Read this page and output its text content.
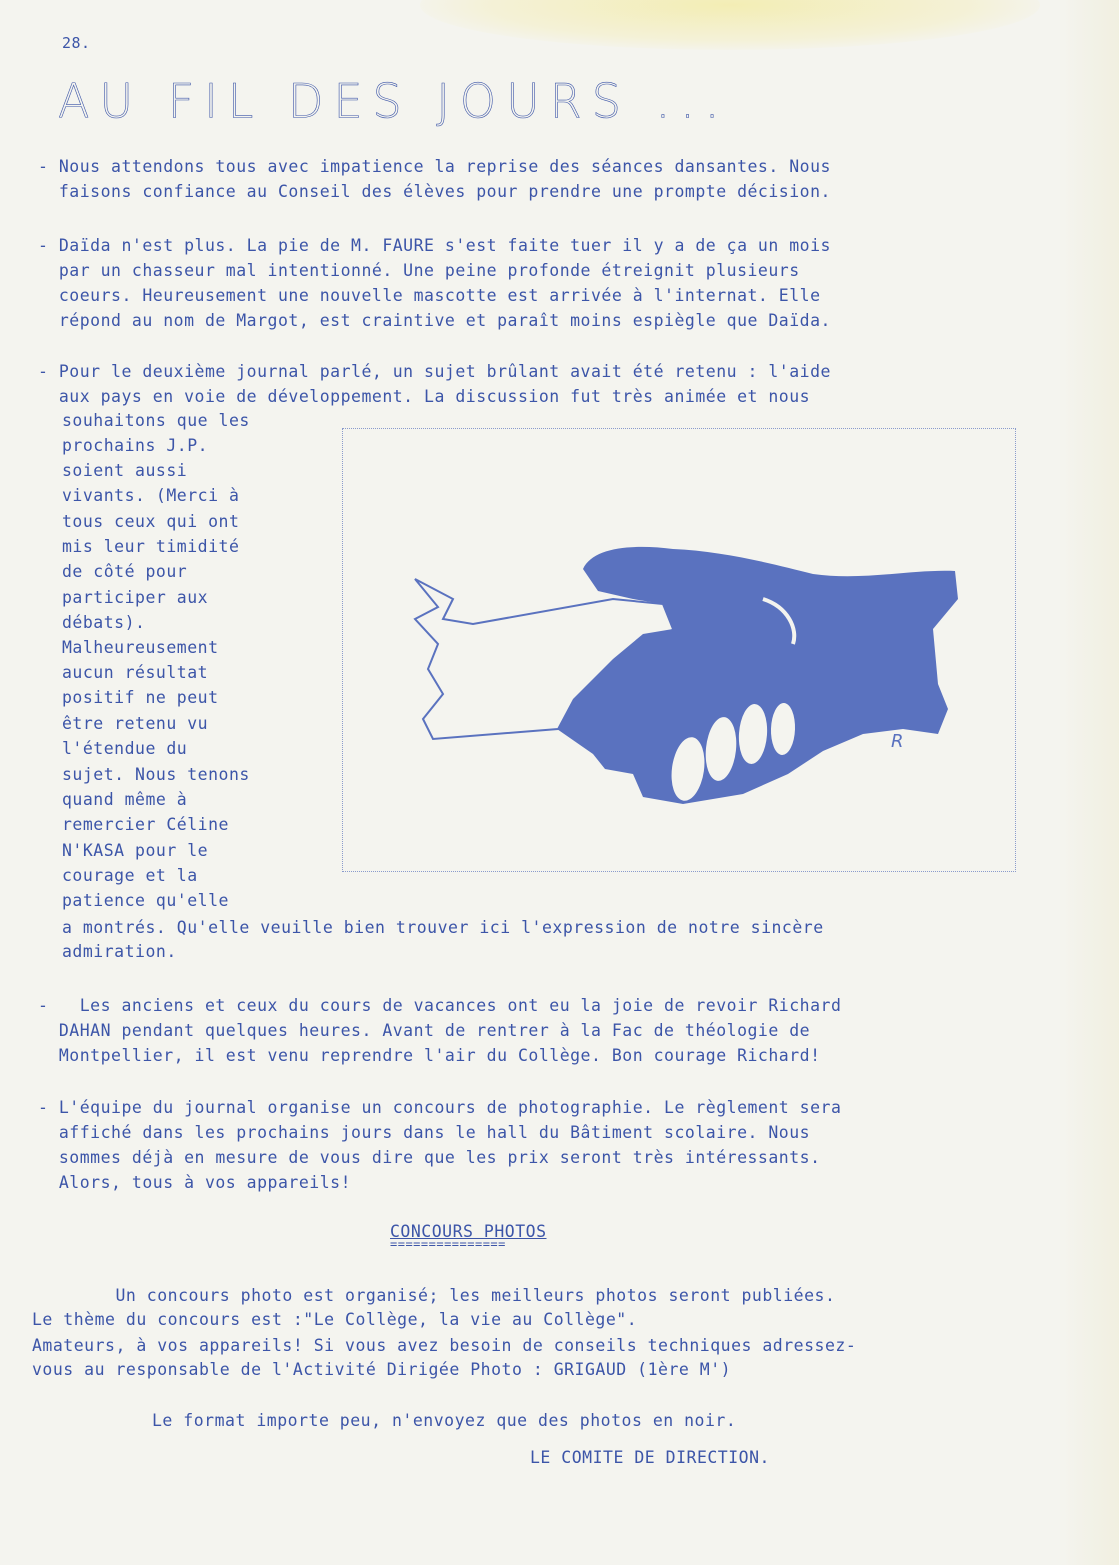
28.
AU FIL DES JOURS ...
- Nous attendons tous avec impatience la reprise des séances dansantes. Nous
faisons confiance au Conseil des élèves pour prendre une prompte décision.
- Daïda n'est plus. La pie de M. FAURE s'est faite tuer il y a de ça un mois
par un chasseur mal intentionné. Une peine profonde étreignit plusieurs
coeurs. Heureusement une nouvelle mascotte est arrivée à l'internat. Elle
répond au nom de Margot, est craintive et paraît moins espiègle que Daïda.
- Pour le deuxième journal parlé, un sujet brûlant avait été retenu : l'aide
aux pays en voie de développement. La discussion fut très animée et nous
souhaitons que les
prochains J.P.
soient aussi
vivants. (Merci à
tous ceux qui ont
mis leur timidité
de côté pour
participer aux
débats).
Malheureusement
aucun résultat
positif ne peut
être retenu vu
l'étendue du
sujet. Nous tenons
quand même à
remercier Céline
N'KASA pour le
courage et la
patience qu'elle
a montrés. Qu'elle veuille bien trouver ici l'expression de notre sincère
admiration.
R
-   Les anciens et ceux du cours de vacances ont eu la joie de revoir Richard
DAHAN pendant quelques heures. Avant de rentrer à la Fac de théologie de
Montpellier, il est venu reprendre l'air du Collège. Bon courage Richard!
- L'équipe du journal organise un concours de photographie. Le règlement sera
affiché dans les prochains jours dans le hall du Bâtiment scolaire. Nous
sommes déjà en mesure de vous dire que les prix seront très intéressants.
Alors, tous à vos appareils!
CONCOURS PHOTOS
===============
Un concours photo est organisé; les meilleurs photos seront publiées.
Le thème du concours est :"Le Collège, la vie au Collège".
Amateurs, à vos appareils! Si vous avez besoin de conseils techniques adressez-
vous au responsable de l'Activité Dirigée Photo : GRIGAUD (1ère M')
Le format importe peu, n'envoyez que des photos en noir.
LE COMITE DE DIRECTION.
